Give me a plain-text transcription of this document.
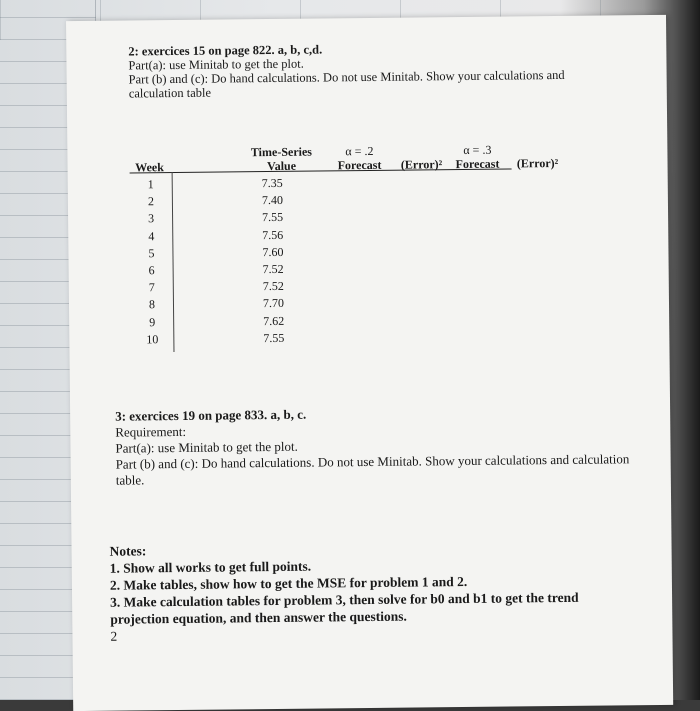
2: exercices 15 on page 822. a, b, c,d.
Part(a): use Minitab to get the plot.
Part (b) and (c): Do hand calculations. Do not use Minitab. Show your calculations and calculation table
Week
Time-Series
Value
α = .2
Forecast	(Error)²
α = .3
Forecast	(Error)²
1
2
3
4
5
6
7
8
9
10
7.35
7.40
7.55
7.56
7.60
7.52
7.52
7.70
7.62
7.55
3: exercices 19 on page 833. a, b, c.
Requirement:
Part(a): use Minitab to get the plot.
Part (b) and (c): Do hand calculations. Do not use Minitab. Show your calculations and calculation table.
Notes:
1. Show all works to get full points.
2. Make tables, show how to get the MSE for problem 1 and 2.
3. Make calculation tables for problem 3, then solve for b0 and b1 to get the trend projection equation, and then answer the questions.
2
